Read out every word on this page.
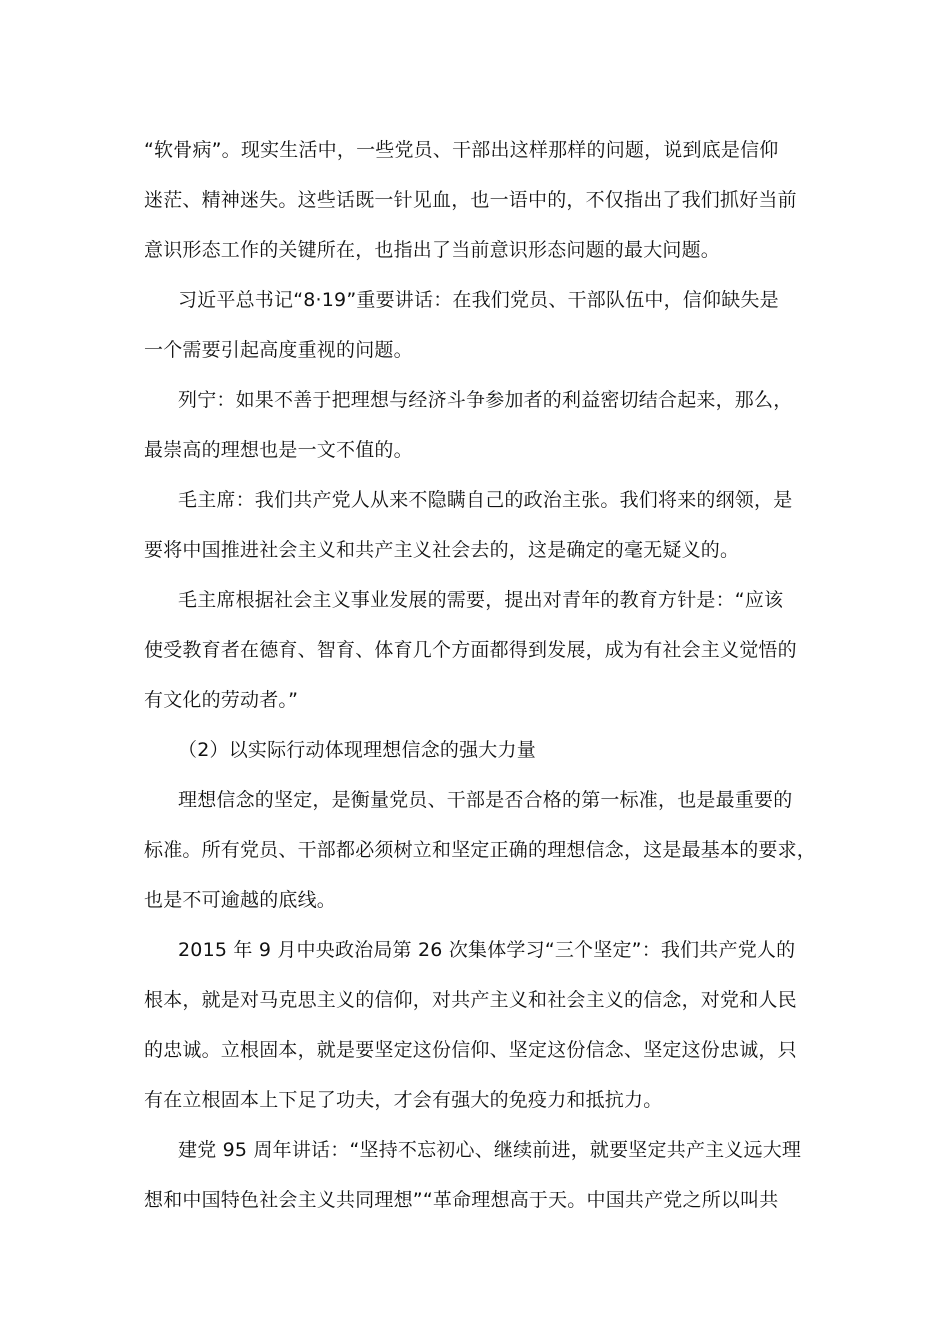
“软骨病”。现实生活中，一些党员、干部出这样那样的问题，说到底是信仰
迷茫、精神迷失。这些话既一针见血，也一语中的，不仅指出了我们抓好当前
意识形态工作的关键所在，也指出了当前意识形态问题的最大问题。
习近平总书记“8·19”重要讲话：在我们党员、干部队伍中，信仰缺失是
一个需要引起高度重视的问题。
列宁：如果不善于把理想与经济斗争参加者的利益密切结合起来，那么，
最崇高的理想也是一文不值的。
毛主席：我们共产党人从来不隐瞒自己的政治主张。我们将来的纲领，是
要将中国推进社会主义和共产主义社会去的，这是确定的毫无疑义的。
毛主席根据社会主义事业发展的需要，提出对青年的教育方针是：“应该
使受教育者在德育、智育、体育几个方面都得到发展，成为有社会主义觉悟的
有文化的劳动者。”
（2）以实际行动体现理想信念的强大力量
理想信念的坚定，是衡量党员、干部是否合格的第一标准，也是最重要的
标准。所有党员、干部都必须树立和坚定正确的理想信念，这是最基本的要求，
也是不可逾越的底线。
2015 年 9 月中央政治局第 26 次集体学习“三个坚定”：我们共产党人的
根本，就是对马克思主义的信仰，对共产主义和社会主义的信念，对党和人民
的忠诚。立根固本，就是要坚定这份信仰、坚定这份信念、坚定这份忠诚，只
有在立根固本上下足了功夫，才会有强大的免疫力和抵抗力。
建党 95 周年讲话：“坚持不忘初心、继续前进，就要坚定共产主义远大理
想和中国特色社会主义共同理想”“革命理想高于天。中国共产党之所以叫共
